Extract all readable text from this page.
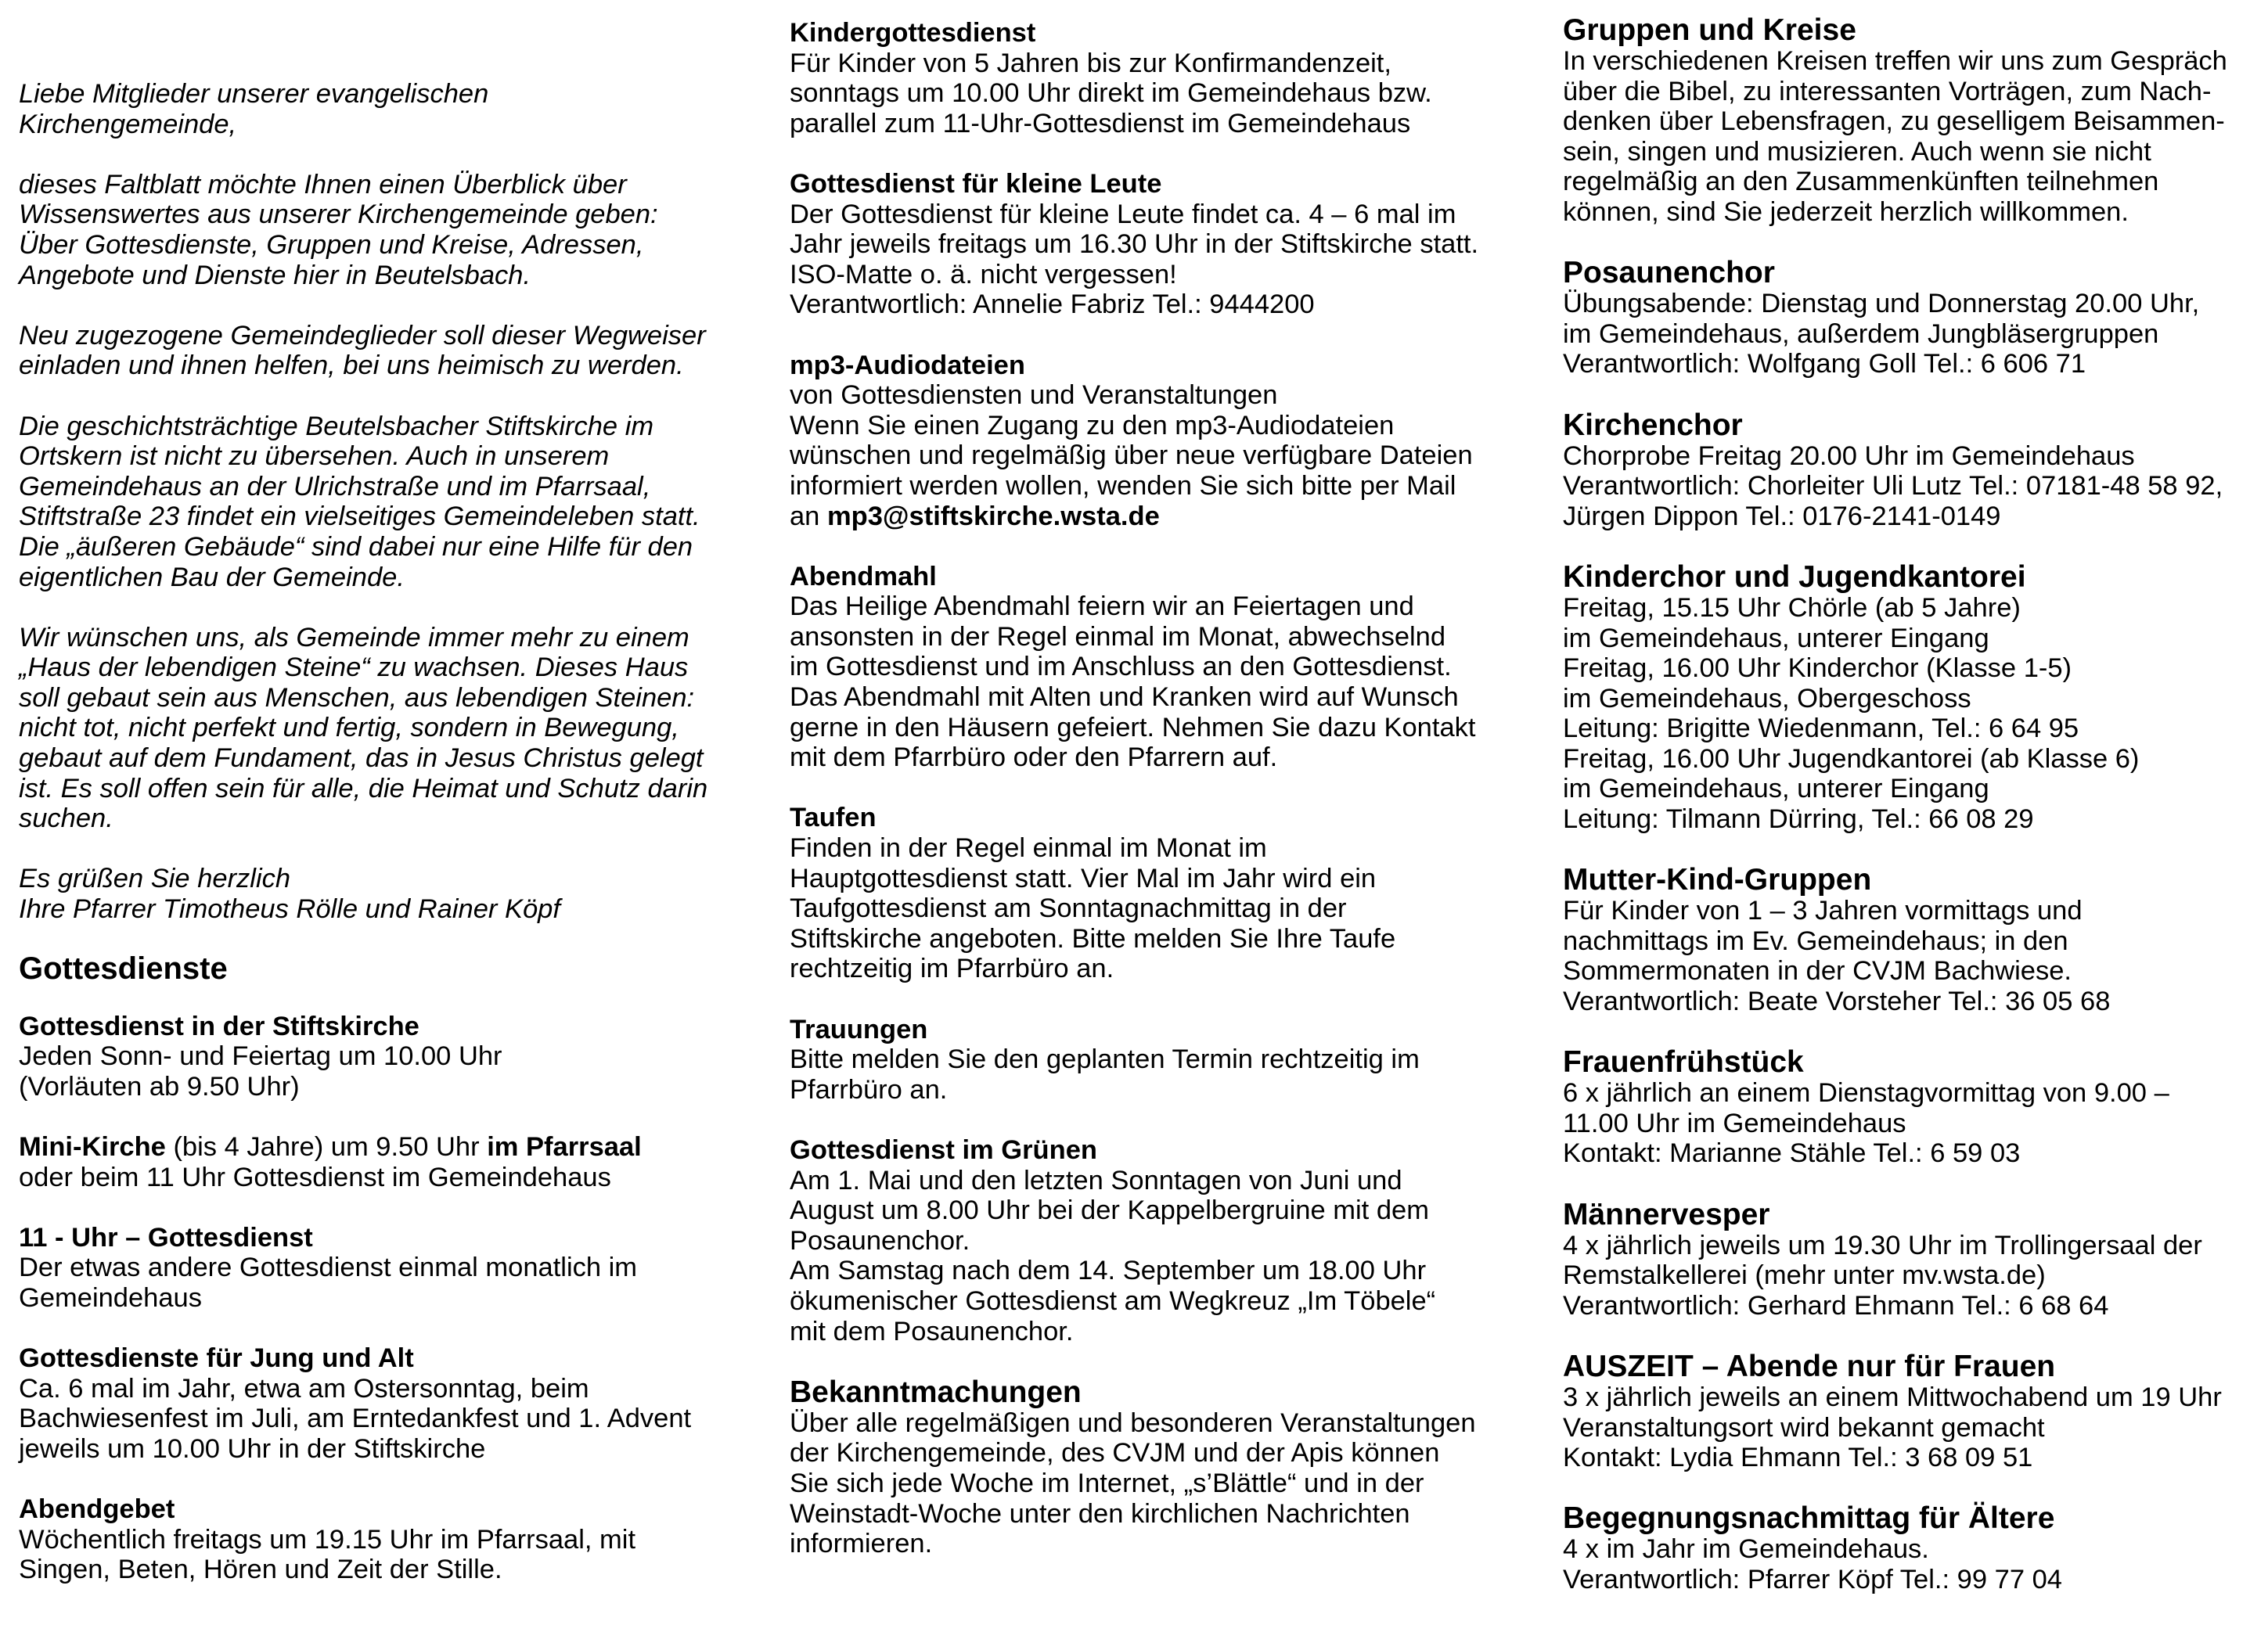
Liebe Mitglieder unserer evangelischen
Kirchengemeinde,

dieses Faltblatt möchte Ihnen einen Überblick über
Wissenswertes aus unserer Kirchengemeinde geben:
Über Gottesdienste, Gruppen und Kreise, Adressen,
Angebote und Dienste hier in Beutelsbach.

Neu zugezogene Gemeindeglieder soll dieser Wegweiser
einladen und ihnen helfen, bei uns heimisch zu werden.

Die geschichtsträchtige Beutelsbacher Stiftskirche im
Ortskern ist nicht zu übersehen. Auch in unserem
Gemeindehaus an der Ulrichstraße und im Pfarrsaal,
Stiftstraße 23 findet ein vielseitiges Gemeindeleben statt.
Die „äußeren Gebäude“ sind dabei nur eine Hilfe für den
eigentlichen Bau der Gemeinde.

Wir wünschen uns, als Gemeinde immer mehr zu einem
„Haus der lebendigen Steine“ zu wachsen. Dieses Haus
soll gebaut sein aus Menschen, aus lebendigen Steinen:
nicht tot, nicht perfekt und fertig, sondern in Bewegung,
gebaut auf dem Fundament, das in Jesus Christus gelegt
ist. Es soll offen sein für alle, die Heimat und Schutz darin
suchen.

Es grüßen Sie herzlich
Ihre Pfarrer Timotheus Rölle und Rainer Köpf

Gottesdienste
Gottesdienst in der Stiftskirche
Jeden Sonn- und Feiertag um 10.00 Uhr
(Vorläuten ab 9.50 Uhr)
Mini-Kirche (bis 4 Jahre) um 9.50 Uhr im Pfarrsaal
oder beim 11 Uhr Gottesdienst im Gemeindehaus
11 - Uhr – Gottesdienst
Der etwas andere Gottesdienst einmal monatlich im
Gemeindehaus
Gottesdienste für Jung und Alt
Ca. 6 mal im Jahr, etwa am Ostersonntag, beim
Bachwiesenfest im Juli, am Erntedankfest und 1. Advent
jeweils um 10.00 Uhr in der Stiftskirche
Abendgebet
Wöchentlich freitags um 19.15 Uhr im Pfarrsaal, mit
Singen, Beten, Hören und Zeit der Stille.
Kindergottesdienst
Für Kinder von 5 Jahren bis zur Konfirmandenzeit,
sonntags um 10.00 Uhr direkt im Gemeindehaus bzw.
parallel zum 11-Uhr-Gottesdienst im Gemeindehaus
Gottesdienst für kleine Leute
Der Gottesdienst für kleine Leute findet ca. 4 – 6 mal im
Jahr jeweils freitags um 16.30 Uhr in der Stiftskirche statt.
ISO-Matte o. ä. nicht vergessen!
Verantwortlich: Annelie Fabriz Tel.: 9444200
mp3-Audiodateien
von Gottesdiensten und Veranstaltungen
Wenn Sie einen Zugang zu den mp3-Audiodateien
wünschen und regelmäßig über neue verfügbare Dateien
informiert werden wollen, wenden Sie sich bitte per Mail
an mp3@stiftskirche.wsta.de
Abendmahl
Das Heilige Abendmahl feiern wir an Feiertagen und
ansonsten in der Regel einmal im Monat, abwechselnd
im Gottesdienst und im Anschluss an den Gottesdienst.
Das Abendmahl mit Alten und Kranken wird auf Wunsch
gerne in den Häusern gefeiert. Nehmen Sie dazu Kontakt
mit dem Pfarrbüro oder den Pfarrern auf.
Taufen
Finden in der Regel einmal im Monat im
Hauptgottesdienst statt. Vier Mal im Jahr wird ein
Taufgottesdienst am Sonntagnachmittag in der
Stiftskirche angeboten. Bitte melden Sie Ihre Taufe
rechtzeitig im Pfarrbüro an.
Trauungen
Bitte melden Sie den geplanten Termin rechtzeitig im
Pfarrbüro an.
Gottesdienst im Grünen
Am 1. Mai und den letzten Sonntagen von Juni und
August um 8.00 Uhr bei der Kappelbergruine mit dem
Posaunenchor.
Am Samstag nach dem 14. September um 18.00 Uhr
ökumenischer Gottesdienst am Wegkreuz „Im Töbele“
mit dem Posaunenchor.
Bekanntmachungen
Über alle regelmäßigen und besonderen Veranstaltungen
der Kirchengemeinde, des CVJM und der Apis können
Sie sich jede Woche im Internet, „s’Blättle“ und in der
Weinstadt-Woche unter den kirchlichen Nachrichten
informieren.
Gruppen und Kreise
In verschiedenen Kreisen treffen wir uns zum Gespräch
über die Bibel, zu interessanten Vorträgen, zum Nach-
denken über Lebensfragen, zu geselligem Beisammen-
sein, singen und musizieren. Auch wenn sie nicht
regelmäßig an den Zusammenkünften teilnehmen
können, sind Sie jederzeit herzlich willkommen.
Posaunenchor
Übungsabende: Dienstag und Donnerstag 20.00 Uhr,
im Gemeindehaus, außerdem Jungbläsergruppen
Verantwortlich: Wolfgang Goll Tel.: 6 606 71
Kirchenchor
Chorprobe Freitag 20.00 Uhr im Gemeindehaus
Verantwortlich: Chorleiter Uli Lutz Tel.: 07181-48 58 92,
Jürgen Dippon Tel.: 0176-2141-0149
Kinderchor und Jugendkantorei
Freitag, 15.15 Uhr Chörle (ab 5 Jahre)
im Gemeindehaus, unterer Eingang
Freitag, 16.00 Uhr Kinderchor (Klasse 1-5)
im Gemeindehaus, Obergeschoss
Leitung: Brigitte Wiedenmann, Tel.: 6 64 95
Freitag, 16.00 Uhr Jugendkantorei (ab Klasse 6)
im Gemeindehaus, unterer Eingang
Leitung: Tilmann Dürring, Tel.: 66 08 29
Mutter-Kind-Gruppen
Für Kinder von 1 – 3 Jahren vormittags und
nachmittags im Ev. Gemeindehaus; in den
Sommermonaten in der CVJM Bachwiese.
Verantwortlich: Beate Vorsteher Tel.: 36 05 68
Frauenfrühstück
6 x jährlich an einem Dienstagvormittag von 9.00 –
11.00 Uhr im Gemeindehaus
Kontakt: Marianne Stähle Tel.: 6 59 03
Männervesper
4 x jährlich jeweils um 19.30 Uhr im Trollingersaal der
Remstalkellerei (mehr unter mv.wsta.de)
Verantwortlich: Gerhard Ehmann Tel.: 6 68 64
AUSZEIT – Abende nur für Frauen
3 x jährlich jeweils an einem Mittwochabend um 19 Uhr
Veranstaltungsort wird bekannt gemacht
Kontakt: Lydia Ehmann Tel.: 3 68 09 51
Begegnungsnachmittag für Ältere
4 x im Jahr im Gemeindehaus.
Verantwortlich: Pfarrer Köpf Tel.: 99 77 04
